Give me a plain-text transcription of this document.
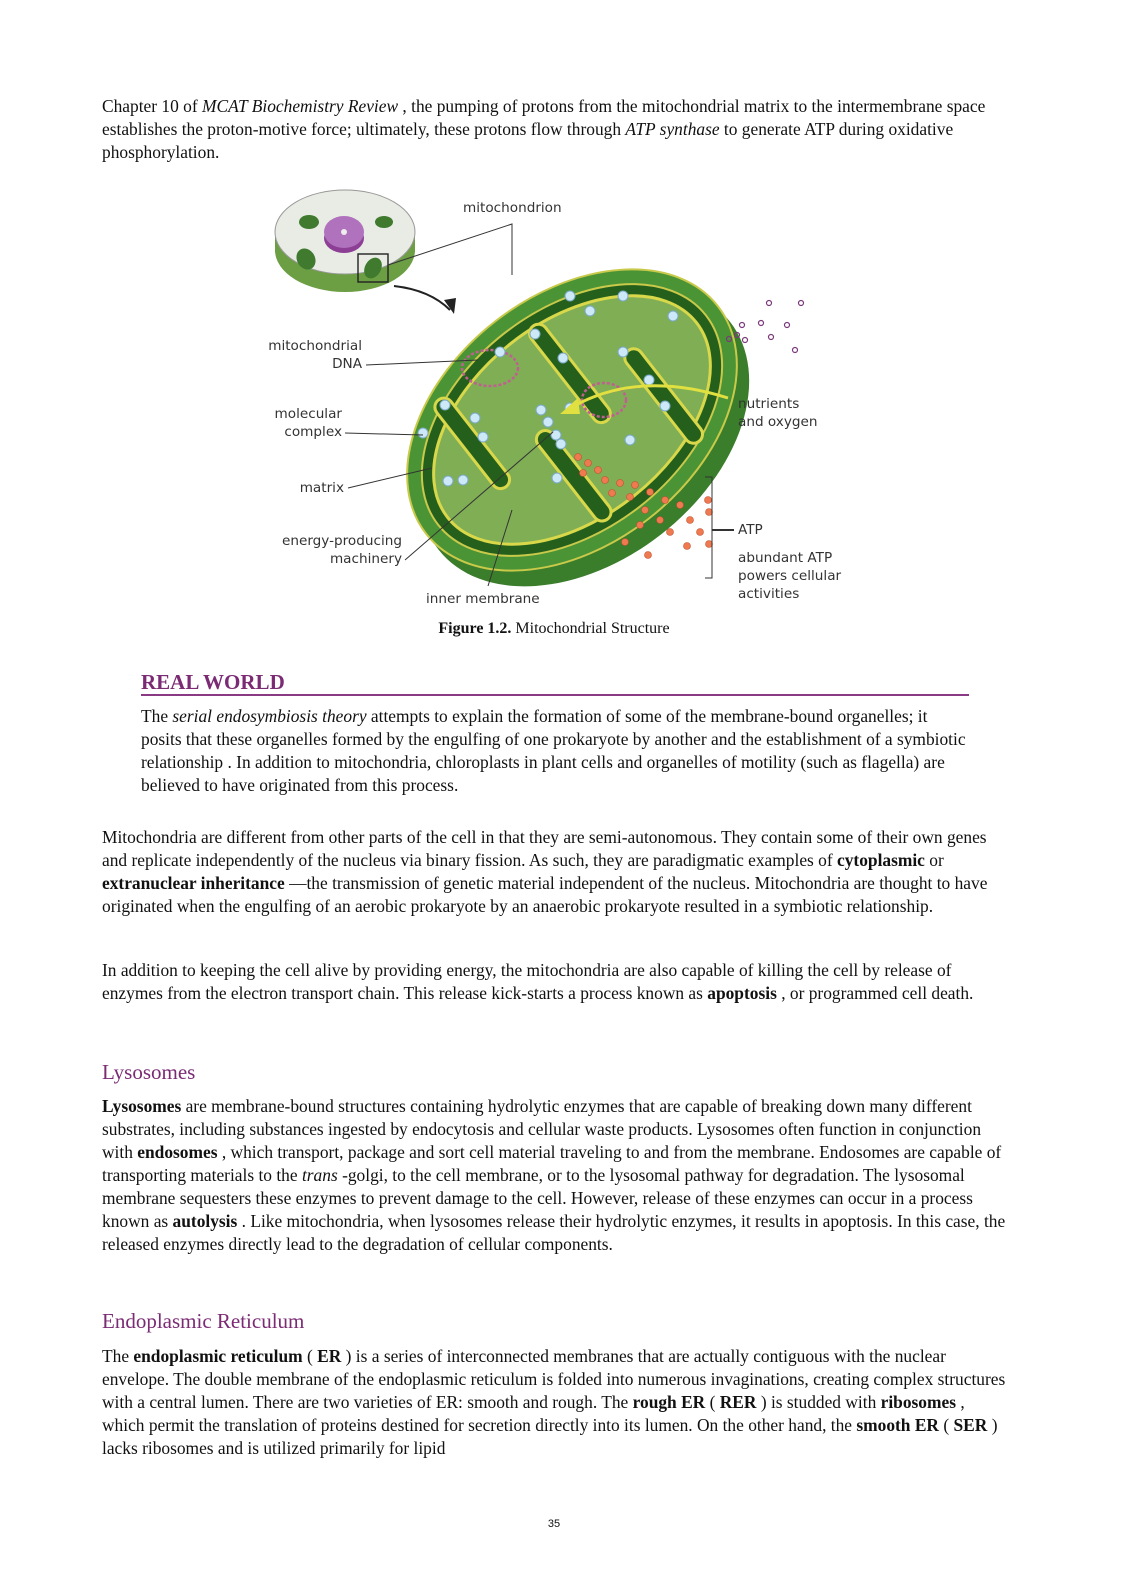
Chapter 10 of MCAT Biochemistry Review , the pumping of protons from the mitochondrial matrix to the intermembrane space establishes the proton-motive force; ultimately, these protons flow through ATP synthase to generate ATP during oxidative phosphorylation.
mitochondrion
mitochondrial
DNA
molecular
complex
matrix
energy-producing
machinery
inner membrane
nutrients
and oxygen
ATP
abundant ATP
powers cellular
activities
Figure 1.2. Mitochondrial Structure
REAL WORLD
The serial endosymbiosis theory attempts to explain the formation of some of the membrane-bound organelles; it posits that these organelles formed by the engulfing of one prokaryote by another and the establishment of a symbiotic relationship . In addition to mitochondria, chloroplasts in plant cells and organelles of motility (such as flagella) are believed to have originated from this process.
Mitochondria are different from other parts of the cell in that they are semi-autonomous. They contain some of their own genes and replicate independently of the nucleus via binary fission. As such, they are paradigmatic examples of cytoplasmic or extranuclear inheritance —the transmission of genetic material independent of the nucleus. Mitochondria are thought to have originated when the engulfing of an aerobic prokaryote by an anaerobic prokaryote resulted in a symbiotic relationship.
In addition to keeping the cell alive by providing energy, the mitochondria are also capable of killing the cell by release of enzymes from the electron transport chain. This release kick-starts a process known as apoptosis , or programmed cell death.
Lysosomes
Lysosomes are membrane-bound structures containing hydrolytic enzymes that are capable of breaking down many different substrates, including substances ingested by endocytosis and cellular waste products. Lysosomes often function in conjunction with endosomes , which transport, package and sort cell material traveling to and from the membrane. Endosomes are capable of transporting materials to the trans -golgi, to the cell membrane, or to the lysosomal pathway for degradation. The lysosomal membrane sequesters these enzymes to prevent damage to the cell. However, release of these enzymes can occur in a process known as autolysis . Like mitochondria, when lysosomes release their hydrolytic enzymes, it results in apoptosis. In this case, the released enzymes directly lead to the degradation of cellular components.
Endoplasmic Reticulum
The endoplasmic reticulum ( ER ) is a series of interconnected membranes that are actually contiguous with the nuclear envelope. The double membrane of the endoplasmic reticulum is folded into numerous invaginations, creating complex structures with a central lumen. There are two varieties of ER: smooth and rough. The rough ER ( RER ) is studded with ribosomes , which permit the translation of proteins destined for secretion directly into its lumen. On the other hand, the smooth ER ( SER ) lacks ribosomes and is utilized primarily for lipid
35
